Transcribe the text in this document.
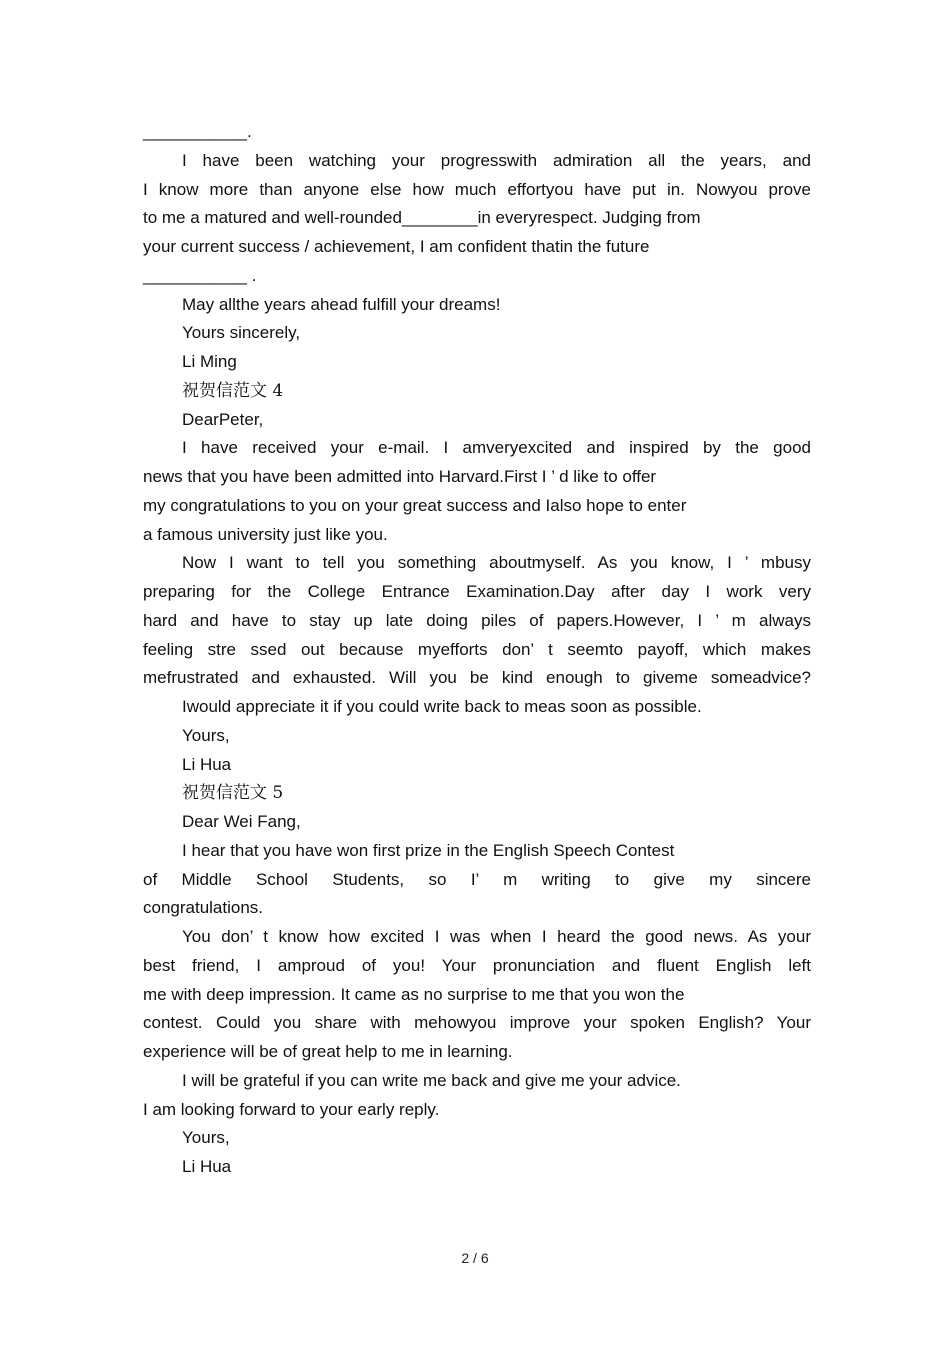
___________.
I have been watching your progresswith admiration all the years, and
I know more than anyone else how much effortyou have put in. Nowyou prove
to me a matured and well-rounded________in everyrespect. Judging from
your current success / achievement, I am confident thatin the future
___________ .
May allthe years ahead fulfill your dreams!
Yours sincerely,
Li Ming
祝贺信范文 4
DearPeter,
I have received your e-mail. I amveryexcited and inspired by the good
news that you have been admitted into Harvard.First I ’ d like to offer
my congratulations to you on your great success and Ialso hope to enter
a famous university just like you.
Now I want to tell you something aboutmyself. As you know, I ’ mbusy
preparing for the College Entrance Examination.Day after day I work very
hard and have to stay up late doing piles of papers.However, I ’ m always
feeling stre ssed out because myefforts don’ t seemto payoff, which makes
mefrustrated and exhausted. Will you be kind enough to giveme someadvice?
Iwould appreciate it if you could write back to meas soon as possible.
Yours,
Li Hua
祝贺信范文 5
Dear Wei Fang,
I hear that you have won first prize in the English Speech Contest
of Middle School Students, so I’ m writing to give my sincere
congratulations.
You don’ t know how excited I was when I heard the good news. As your
best friend, I amproud of you! Your pronunciation and fluent English left
me with deep impression. It came as no surprise to me that you won the
contest. Could you share with mehowyou improve your spoken English? Your
experience will be of great help to me in learning.
I will be grateful if you can write me back and give me your advice.
I am looking forward to your early reply.
Yours,
Li Hua
2 / 6
